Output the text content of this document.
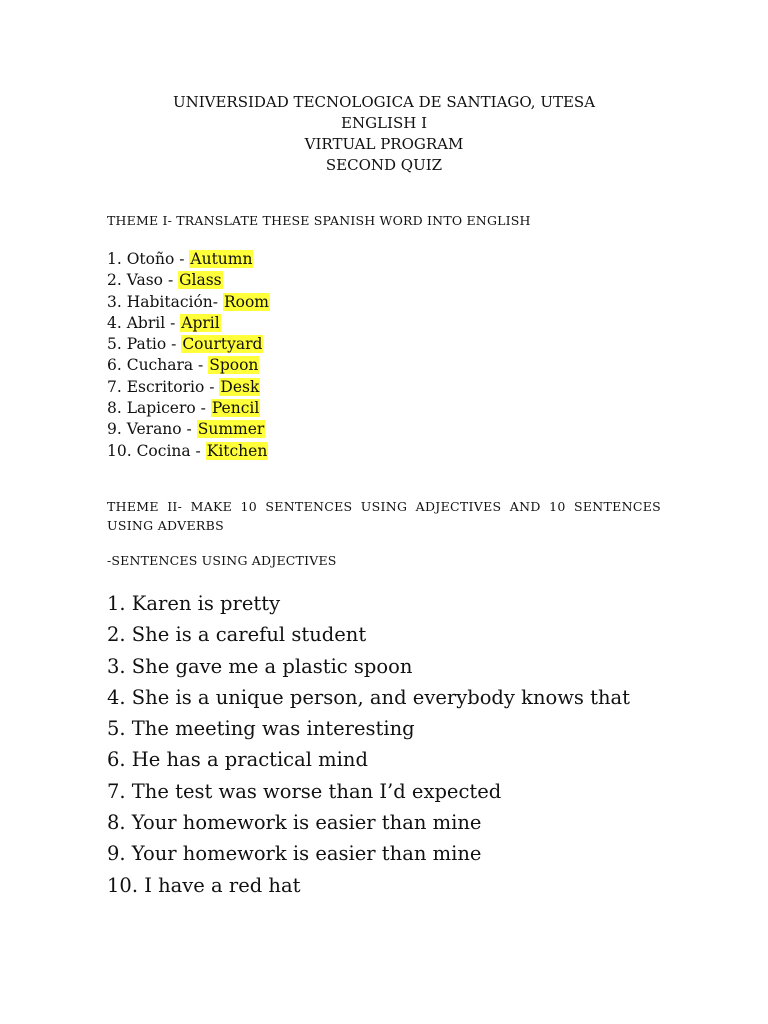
UNIVERSIDAD TECNOLOGICA DE SANTIAGO, UTESA
ENGLISH I
VIRTUAL PROGRAM
SECOND QUIZ
THEME I- TRANSLATE THESE SPANISH WORD INTO ENGLISH
1. Otoño - Autumn
2. Vaso - Glass
3. Habitación- Room
4. Abril - April
5. Patio - Courtyard
6. Cuchara - Spoon
7. Escritorio - Desk
8. Lapicero - Pencil
9. Verano - Summer
10. Cocina - Kitchen
THEME II- MAKE 10 SENTENCES USING ADJECTIVES AND 10 SENTENCES USING ADVERBS
-SENTENCES USING ADJECTIVES
1. Karen is pretty
2. She is a careful student
3. She gave me a plastic spoon
4. She is a unique person, and everybody knows that
5. The meeting was interesting
6. He has a practical mind
7. The test was worse than I’d expected
8. Your homework is easier than mine
9. Your homework is easier than mine
10. I have a red hat
